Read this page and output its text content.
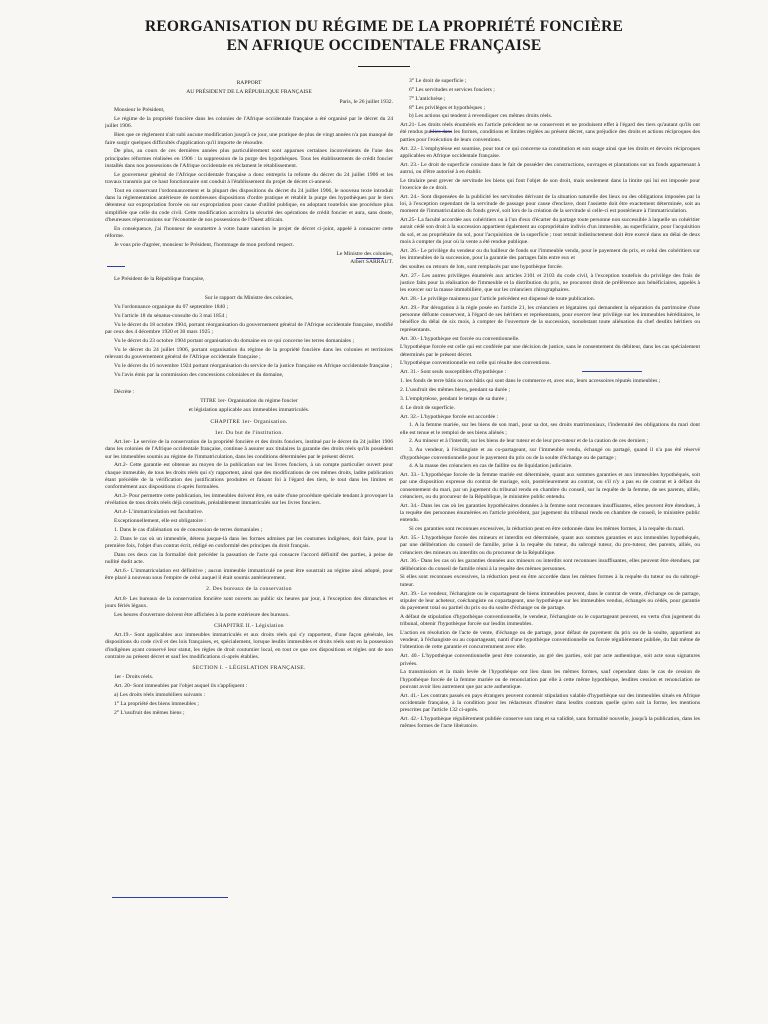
REORGANISATION DU RÉGIME DE LA PROPRIÉTÉ FONCIÈRE
EN AFRIQUE OCCIDENTALE FRANÇAISE

RAPPORT

AU PRÉSIDENT DE LA RÉPUBLIQUE FRANÇAISE

Paris, le 26 juillet 1932.

Monsieur le Président,

Le régime de la propriété foncière dans les colonies de l'Afrique occidentale française a été organisé par le décret du 24 juillet 1906.

Bien que ce règlement n'ait subi aucune modification jusqu'à ce jour, une pratique de plus de vingt années n'a pas manqué de faire surgir quelques difficultés d'application qu'il importe de résoudre.

De plus, au cours de ces dernières années plus particulièrement sont apparues certaines inconvénients de l'une des principales réformes réalisées en 1906 : la suppression de la purge des hypothèques. Tous les établissements de crédit foncier installés dans nos possessions de l'Afrique occidentale en réclament le rétablissement.

Le gouverneur général de l'Afrique occidentale française a donc entrepris la refonte du décret du 24 juillet 1906 et les travaux transmis par ce haut fonctionnaire ont conduit à l'établissement du projet de décret ci-annexé.

Tout en conservant l'ordonnancement et la plupart des dispositions du décret du 24 juillet 1906, le nouveau texte introduit dans la réglementation antérieure de nombreuses dispositions d'ordre pratique et rétablit la purge des hypothèques par le tiers détenteur sur expropriation forcée ou sur expropriation pour cause d'utilité publique, en adoptant toutefois une procédure plus simplifiée que celle du code civil. Cette modification accroîtra la sécurité des opérations de crédit foncier et aura, sans doute, d'heureuses répercussions sur l'économie de nos possessions de l'Ouest africain.

En conséquence, j'ai l'honneur de soumettre à votre haute sanction le projet de décret ci-joint, appelé à consacrer cette réforme.

Je vous prie d'agréer, monsieur le Président, l'hommage de mon profond respect.

Le Ministre des colonies,

Albert SARRAUT.

Le Président de la République française,

Sur le rapport du Ministre des colonies,

Vu l'ordonnance organique du 07 septembre 1840 ;

Vu l'article 18 du sénatus-consulte du 3 mai 1854 ;

Vu le décret du 18 octobre 1904, portant réorganisation du gouvernement général de l'Afrique occidentale française, modifié par ceux des 4 décembre 1920 et 30 mars 1925 ;

Vu le décret du 23 octobre 1904 portant organisation du domaine en ce qui concerne les terres domaniales ;

Vu le décret du 24 juillet 1906, portant organisation du régime de la propriété foncière dans les colonies et territoires relevant du gouvernement général de l'Afrique occidentale française ;

Vu le décret du 16 novembre 1924 portant réorganisation du service de la justice française en Afrique occidentale française ;

Vu l'avis émis par la commission des concessions coloniales et du domaine,

Décrète :

TITRE 1er- Organisation du régime foncier

et législation applicable aux immeubles immatriculés.

CHAPITRE 1er- Organisation.

1er. Du but de l'institution.

Art.1er- Le service de la conservation de la propriété foncière et des droits fonciers, institué par le décret du 24 juillet 1906 dans les colonies de l'Afrique occidentale française, continue à assurer aux titulaires la garantie des droits réels qu'ils possèdent sur les immeubles soumis au régime de l'immatriculation, dans les conditions déterminées par le présent décret.

Art.2- Cette garantie est obtenue au moyen de la publication sur les livres fonciers, à un compte particulier ouvert pour chaque immeuble, de tous les droits réels qui s'y rapportent, ainsi que des modifications de ces mêmes droits, ladite publication étant précédée de la vérification des justifications produites et faisant foi à l'égard des tiers, le tout dans les limites et conformément aux dispositions ci-après formulées.

Art.3- Pour permettre cette publication, les immeubles doivent être, en suite d'une procédure spéciale tendant à provoquer la révélation de tous droits réels déjà constitués, préalablement immatriculés sur les livres fonciers.

Art.4- L'immatriculation est facultative.

Exceptionnellement, elle est obligatoire :

1. Dans le cas d'aliénation ou de concession de terres domaniales ;

2. Dans le cas où un immeuble, détenu jusque-là dans les formes admises par les coutumes indigènes, doit faire, pour la première fois, l'objet d'un contrat écrit, rédigé en conformité des principes du droit français.

Dans ces deux cas la formalité doit précéder la passation de l'acte qui consacre l'accord définitif des parties, à peine de nullité dudit acte.

Art.6.- L'immatriculation est définitive ; aucun immeuble immatriculé ne peut être soustrait au régime ainsi adopté, pour être placé à nouveau sous l'empire de celui auquel il était soumis antérieurement.

2. Des bureaux de la conservation

Art.8- Les bureaux de la conservation foncière sont ouverts au public six heures par jour, à l'exception des dimanches et jours fériés légaux.

Les heures d'ouverture doivent être affichées à la porte extérieure des bureaux.

CHAPITRE II.- Législation

Art.19.- Sont applicables aux immeubles immatriculés et aux droits réels qui s'y rapportent, d'une façon générale, les dispositions du code civil et des lois françaises, et, spécialement, lorsque lesdits immeubles et droits réels sont en la possession d'indigènes ayant conservé leur statut, les règles de droit coutumier local, en tout ce que ces dispositions et règles ont de non contraire au présent décret et sauf les modifications ci-après établies.

SECTION I. - LÉGISLATION FRANÇAISE.

1er - Droits réels.

Art. 20- Sont immeubles par l'objet auquel ils s'appliquent :

a) Les droits réels immobiliers suivants :

1° La propriété des biens immeubles ;

2° L'usufruit des mêmes biens ;

3° Le droit de superficie ;

6° Les servitudes et services fonciers ;

7° L'antichrèse ;

8° Les privilèges et hypothèques ;

b) Les actions qui tendent à revendiquer ces mêmes droits réels.

Art.21- Les droits réels énumérés en l'article précédent ne se conservent et ne produisent effet à l'égard des tiers qu'autant qu'ils ont été rendus publics dans les formes, conditions et limites réglées au présent décret, sans préjudice des droits et actions réciproques des parties pour l'exécution de leurs conventions.

Art. 22.- L'emphytéose est soumise, pour tout ce qui concerne sa constitution et son usage ainsi que les droits et devoirs réciproques applicables en Afrique occidentale française.

Art. 23.- Le droit de superficie consiste dans le fait de posséder des constructions, ouvrages et plantations sur un fonds appartenant à autrui, ou d'être autorisé à en établir.

Le titulaire peut grever de servitude les biens qui font l'objet de son droit, mais seulement dans la limite qui lui est imposée pour l'exercice de ce droit.

Art. 24.- Sont dispensées de la publicité les servitudes dérivant de la situation naturelle des lieux ou des obligations imposées par la loi, à l'exception cependant de la servitude de passage pour cause d'enclave, dont l'assiette doit être exactement déterminée, soit au moment de l'immatriculation du fonds grevé, soit lors de la création de la servitude si celle-ci est postérieure à l'immatriculation.

Art.25- La faculté accordée aux cohéritiers ou à l'un d'eux d'écarter du partage toute personne non successible à laquelle un cohéritier aurait cédé son droit à la succession appartient également au copropriétaire indivis d'un immeuble, au superficiaire, pour l'acquisition du sol, et au propriétaire du sol, pour l'acquisition de la superficie ; tout retrait indistinctement doit être exercé dans un délai de deux mois à compter du jour où la vente a été rendue publique.

Art. 26.- Le privilège du vendeur ou du bailleur de fonds sur l'immeuble vendu, pour le payement du prix, et celui des cohéritiers sur les immeubles de la succession, pour la garantie des partages faits entre eux et

des soultes ou retours de lots, sont remplacés par une hypothèque forcée.

Art. 27.- Les autres privilèges énumérés aux articles 2101 et 2103 du code civil, à l'exception toutefois du privilège des frais de justice faits pour la réalisation de l'immeuble et la distribution du prix, ne procurent droit de préférence aux bénéficiaires, appelés à les exercer sur la masse immobilière, que sur les créanciers chirographaires.

Art. 28.- Le privilège maintenu par l'article précédent est dispensé de toute publication.

Art. 29.- Par dérogation à la règle posée en l'article 21, les créanciers et légataires qui demandent la séparation du patrimoine d'une personne défunte conservent, à l'égard de ses héritiers et représentants, pour exercer leur privilège sur les immeubles héréditaires, le bénéfice du délai de six mois, à compter de l'ouverture de la succession, nonobstant toute aliénation du chef desdits héritiers ou représentants.

Art. 30.- L'hypothèque est forcée ou conventionnelle.

L'hypothèque forcée est celle qui est conférée par une décision de justice, sans le consentement du débiteur, dans les cas spécialement déterminés par le présent décret.

L'hypothèque conventionnelle est celle qui résulte des conventions.

Art. 31.- Sont seuls susceptibles d'hypothèque :

1. les fonds de terre bâtis ou non bâtis qui sont dans le commerce et, avec eux, leurs accessoires réputés immeubles ;

2. L'usufruit des mêmes biens, pendant sa durée ;

3. L'emphytéose, pendant le temps de sa durée ;

4. Le droit de superficie.

Art. 32.- L'hypothèque forcée est accordée :

1. A la femme mariée, sur les biens de son mari, pour sa dot, ses droits matrimoniaux, l'indemnité des obligations du mari dont elle est tenue et le remploi de ses biens aliénés ;

2. Au mineur et à l'interdit, sur les biens de leur tuteur et de leur pro-tuteur et de la caution de ces derniers ;

3. Au vendeur, à l'échangiste et au co-partageant, sur l'immeuble vendu, échangé ou partagé, quand il n'a pas été réservé d'hypothèque conventionnelle pour le payement du prix ou de la soulte d'échange ou de partage ;

4. A la masse des créanciers en cas de faillite ou de liquidation judiciaire.

Art. 33.- L'hypothèque forcée de la femme mariée est déterminée, quant aux sommes garanties et aux immeubles hypothéqués, soit par une disposition expresse du contrat de mariage, soit, postérieurement au contrat, ou s'il n'y a pas eu de contrat et à défaut du consentement du mari, par un jugement du tribunal rendu en chambre du conseil, sur la requête de la femme, de ses parents, alliés, créanciers, ou du procureur de la République, le ministère public entendu.

Art. 34.- Dans les cas où les garanties hypothécaires données à la femme sont reconnues insuffisantes, elles peuvent être étendues, à la requête des personnes énumérées en l'article précédent, par jugement du tribunal rendu en chambre de conseil, le ministère public entendu.

Si ces garanties sont reconnues excessives, la réduction peut en être ordonnée dans les mêmes formes, à la requête du mari.

Art. 35.- L'hypothèque forcée des mineurs et interdits est déterminée, quant aux sommes garanties et aux immeubles hypothéqués, par une délibération du conseil de famille, prise à la requête du tuteur, du subrogé tuteur, du pro-tuteur, des parents, alliés, ou créanciers des mineurs ou interdits ou du procureur de la République.

Art. 36.- Dans les cas où les garanties données aux mineurs ou interdits sont reconnues insuffisantes, elles peuvent être étendues, par délibération du conseil de famille réuni à la requête des mêmes personnes.

Si elles sont reconnues excessives, la réduction peut en être accordée dans les mêmes formes à la requête du tuteur ou du subrogé-tuteur.

Art. 39.- Le vendeur, l'échangiste ou le copartageant de biens immeubles peuvent, dans le contrat de vente, d'échange ou de partage, stipuler de leur acheteur, coéchangiste ou copartageant, une hypothèque sur les immeubles vendus, échangés ou cédés, pour garantie du payement total ou partiel du prix ou du soulte d'échange ou de partage.

A défaut de stipulation d'hypothèque conventionnelle, le vendeur, l'échangiste ou le copartageant peuvent, en vertu d'un jugement du tribunal, obtenir l'hypothèque forcée sur lesdits immeubles.

L'action en résolution de l'acte de vente, d'échange ou de partage, pour défaut de payement du prix ou de la soulte, appartient au vendeur, à l'échangiste ou au copartageant, nanti d'une hypothèque conventionnelle ou forcée régulièrement publiée, du fait même de l'obtention de cette garantie et concurremment avec elle.

Art. 40.- L'hypothèque conventionnelle peut être consentie, au gré des parties, soit par acte authentique, soit acte sous signatures privées.

La transmission et la main levée de l'hypothèque ont lieu dans les mêmes formes, sauf cependant dans le cas de cession de l'hypothèque forcée de la femme mariée ou de renonciation par elle à cette même hypothèque, lesdites cession et renonciation ne pouvant avoir lieu autrement que par acte authentique.

Art. 41.- Les contrats passés en pays étrangers peuvent contenir stipulation valable d'hypothèque sur des immeubles situés en Afrique occidentale française, à la condition pour les rédacteurs d'insérer dans lesdits contrats quelle qu'en soit la forme, les mentions prescrites par l'article 132 ci-après.

Art. 42.- L'hypothèque régulièrement publiée conserve son rang et sa validité, sans formalité nouvelle, jusqu'à la publication, dans les mêmes formes de l'acte libératoire.
